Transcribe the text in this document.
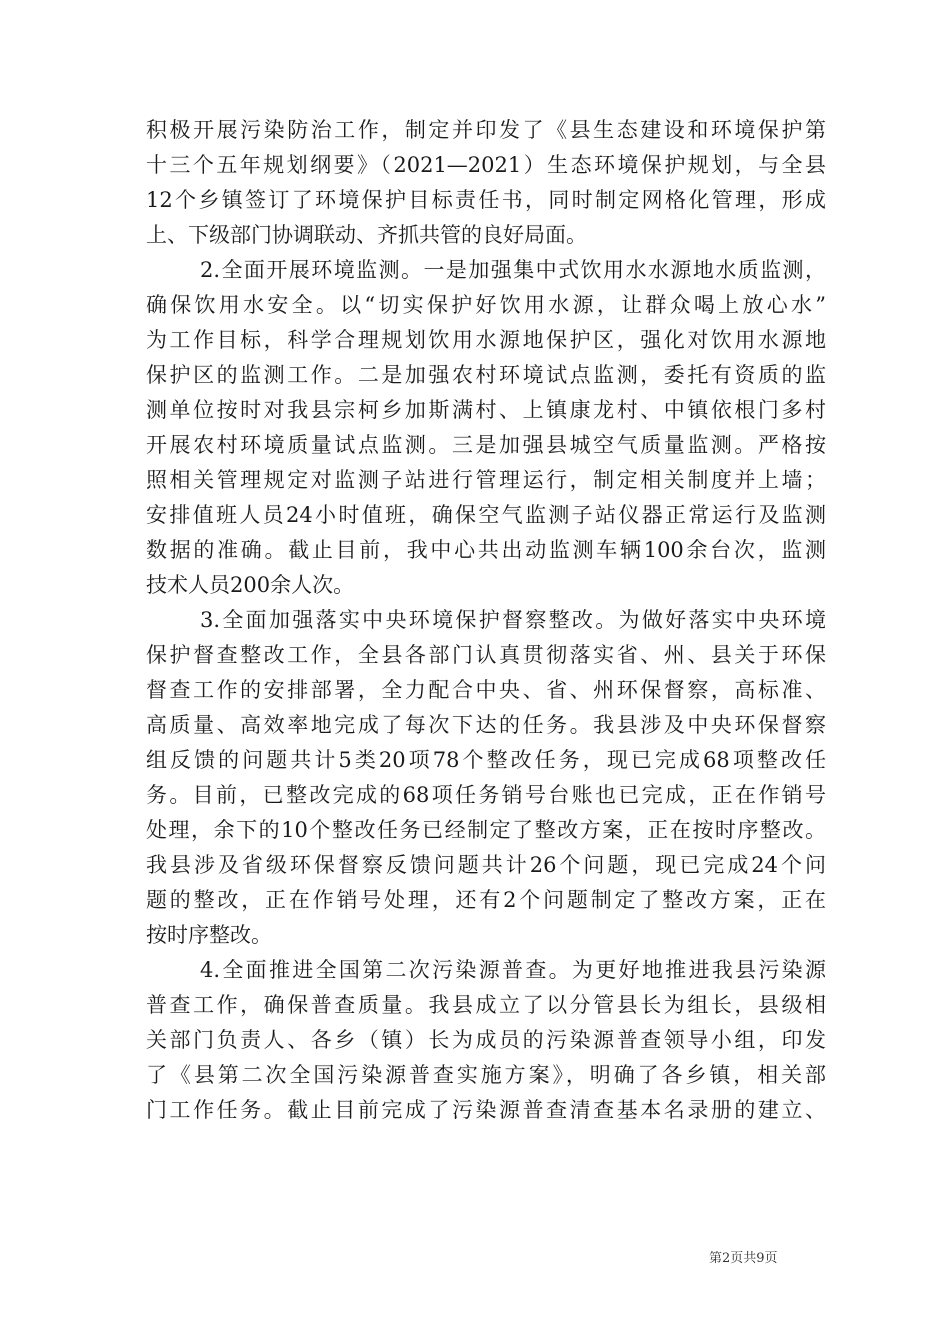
积极开展污染防治工作，制定并印发了《县生态建设和环境保护第
十三个五年规划纲要》（2021—2021）生态环境保护规划，与全县
12个乡镇签订了环境保护目标责任书，同时制定网格化管理，形成
上、下级部门协调联动、齐抓共管的良好局面。
2.全面开展环境监测。一是加强集中式饮用水水源地水质监测，
确保饮用水安全。以“切实保护好饮用水源，让群众喝上放心水”
为工作目标，科学合理规划饮用水源地保护区，强化对饮用水源地
保护区的监测工作。二是加强农村环境试点监测，委托有资质的监
测单位按时对我县宗柯乡加斯满村、上镇康龙村、中镇依根门多村
开展农村环境质量试点监测。三是加强县城空气质量监测。严格按
照相关管理规定对监测子站进行管理运行，制定相关制度并上墙；
安排值班人员24小时值班，确保空气监测子站仪器正常运行及监测
数据的准确。截止目前，我中心共出动监测车辆100余台次，监测
技术人员200余人次。
3.全面加强落实中央环境保护督察整改。为做好落实中央环境
保护督查整改工作，全县各部门认真贯彻落实省、州、县关于环保
督查工作的安排部署，全力配合中央、省、州环保督察，高标准、
高质量、高效率地完成了每次下达的任务。我县涉及中央环保督察
组反馈的问题共计5类20项78个整改任务，现已完成68项整改任
务。目前，已整改完成的68项任务销号台账也已完成，正在作销号
处理，余下的10个整改任务已经制定了整改方案，正在按时序整改。
我县涉及省级环保督察反馈问题共计26个问题，现已完成24个问
题的整改，正在作销号处理，还有2个问题制定了整改方案，正在
按时序整改。
4.全面推进全国第二次污染源普查。为更好地推进我县污染源
普查工作，确保普查质量。我县成立了以分管县长为组长，县级相
关部门负责人、各乡（镇）长为成员的污染源普查领导小组，印发
了《县第二次全国污染源普查实施方案》，明确了各乡镇，相关部
门工作任务。截止目前完成了污染源普查清查基本名录册的建立、
第2页共9页
